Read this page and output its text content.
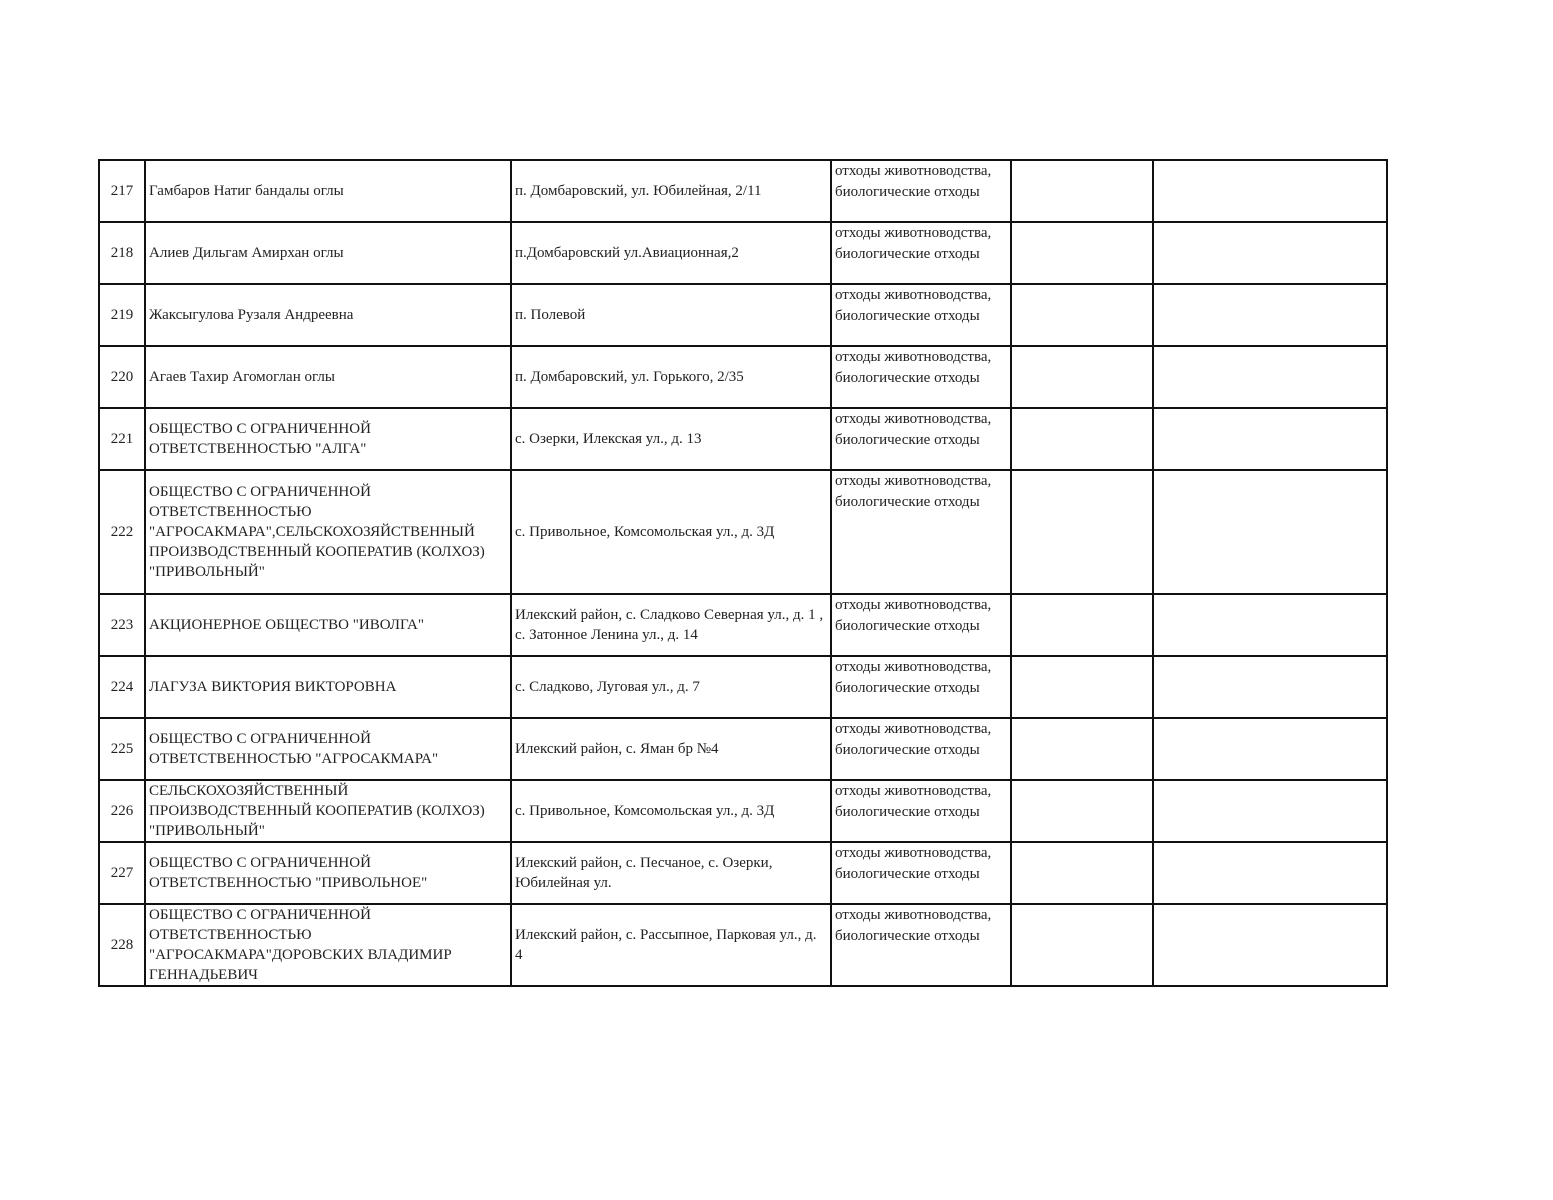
217	Гамбаров Натиг бандалы оглы	п. Домбаровский, ул. Юбилейная, 2/11	отходы животноводства, биологические отходы		
218	Алиев Дильгам Амирхан оглы	п.Домбаровский ул.Авиационная,2	отходы животноводства, биологические отходы		
219	Жаксыгулова Рузаля Андреевна	п. Полевой	отходы животноводства, биологические отходы		
220	Агаев Тахир Агомоглан оглы	п. Домбаровский, ул. Горького, 2/35	отходы животноводства, биологические отходы		
221	ОБЩЕСТВО С ОГРАНИЧЕННОЙ ОТВЕТСТВЕННОСТЬЮ "АЛГА"	с. Озерки, Илекская ул., д. 13	отходы животноводства, биологические отходы		
222	ОБЩЕСТВО С ОГРАНИЧЕННОЙ ОТВЕТСТВЕННОСТЬЮ "АГРОСАКМАРА",СЕЛЬСКОХОЗЯЙСТВЕННЫЙ ПРОИЗВОДСТВЕННЫЙ КООПЕРАТИВ (КОЛХОЗ) "ПРИВОЛЬНЫЙ"	с. Привольное, Комсомольская ул., д. 3Д	отходы животноводства, биологические отходы		
223	АКЦИОНЕРНОЕ ОБЩЕСТВО "ИВОЛГА"	Илекский район, с. Сладково Северная ул., д. 1 , с. Затонное Ленина ул., д. 14	отходы животноводства, биологические отходы		
224	ЛАГУЗА ВИКТОРИЯ ВИКТОРОВНА	с. Сладково, Луговая ул., д. 7	отходы животноводства, биологические отходы		
225	ОБЩЕСТВО С ОГРАНИЧЕННОЙ ОТВЕТСТВЕННОСТЬЮ "АГРОСАКМАРА"	Илекский район, с. Яман бр №4	отходы животноводства, биологические отходы		
226	СЕЛЬСКОХОЗЯЙСТВЕННЫЙ ПРОИЗВОДСТВЕННЫЙ КООПЕРАТИВ (КОЛХОЗ) "ПРИВОЛЬНЫЙ"	с. Привольное, Комсомольская ул., д. 3Д	отходы животноводства, биологические отходы		
227	ОБЩЕСТВО С ОГРАНИЧЕННОЙ ОТВЕТСТВЕННОСТЬЮ "ПРИВОЛЬНОЕ"	Илекский район, с. Песчаное, с. Озерки, Юбилейная ул.	отходы животноводства, биологические отходы		
228	ОБЩЕСТВО С ОГРАНИЧЕННОЙ ОТВЕТСТВЕННОСТЬЮ "АГРОСАКМАРА"ДОРОВСКИХ ВЛАДИМИР ГЕННАДЬЕВИЧ	Илекский район, с. Рассыпное, Парковая ул., д. 4	отходы животноводства, биологические отходы		
